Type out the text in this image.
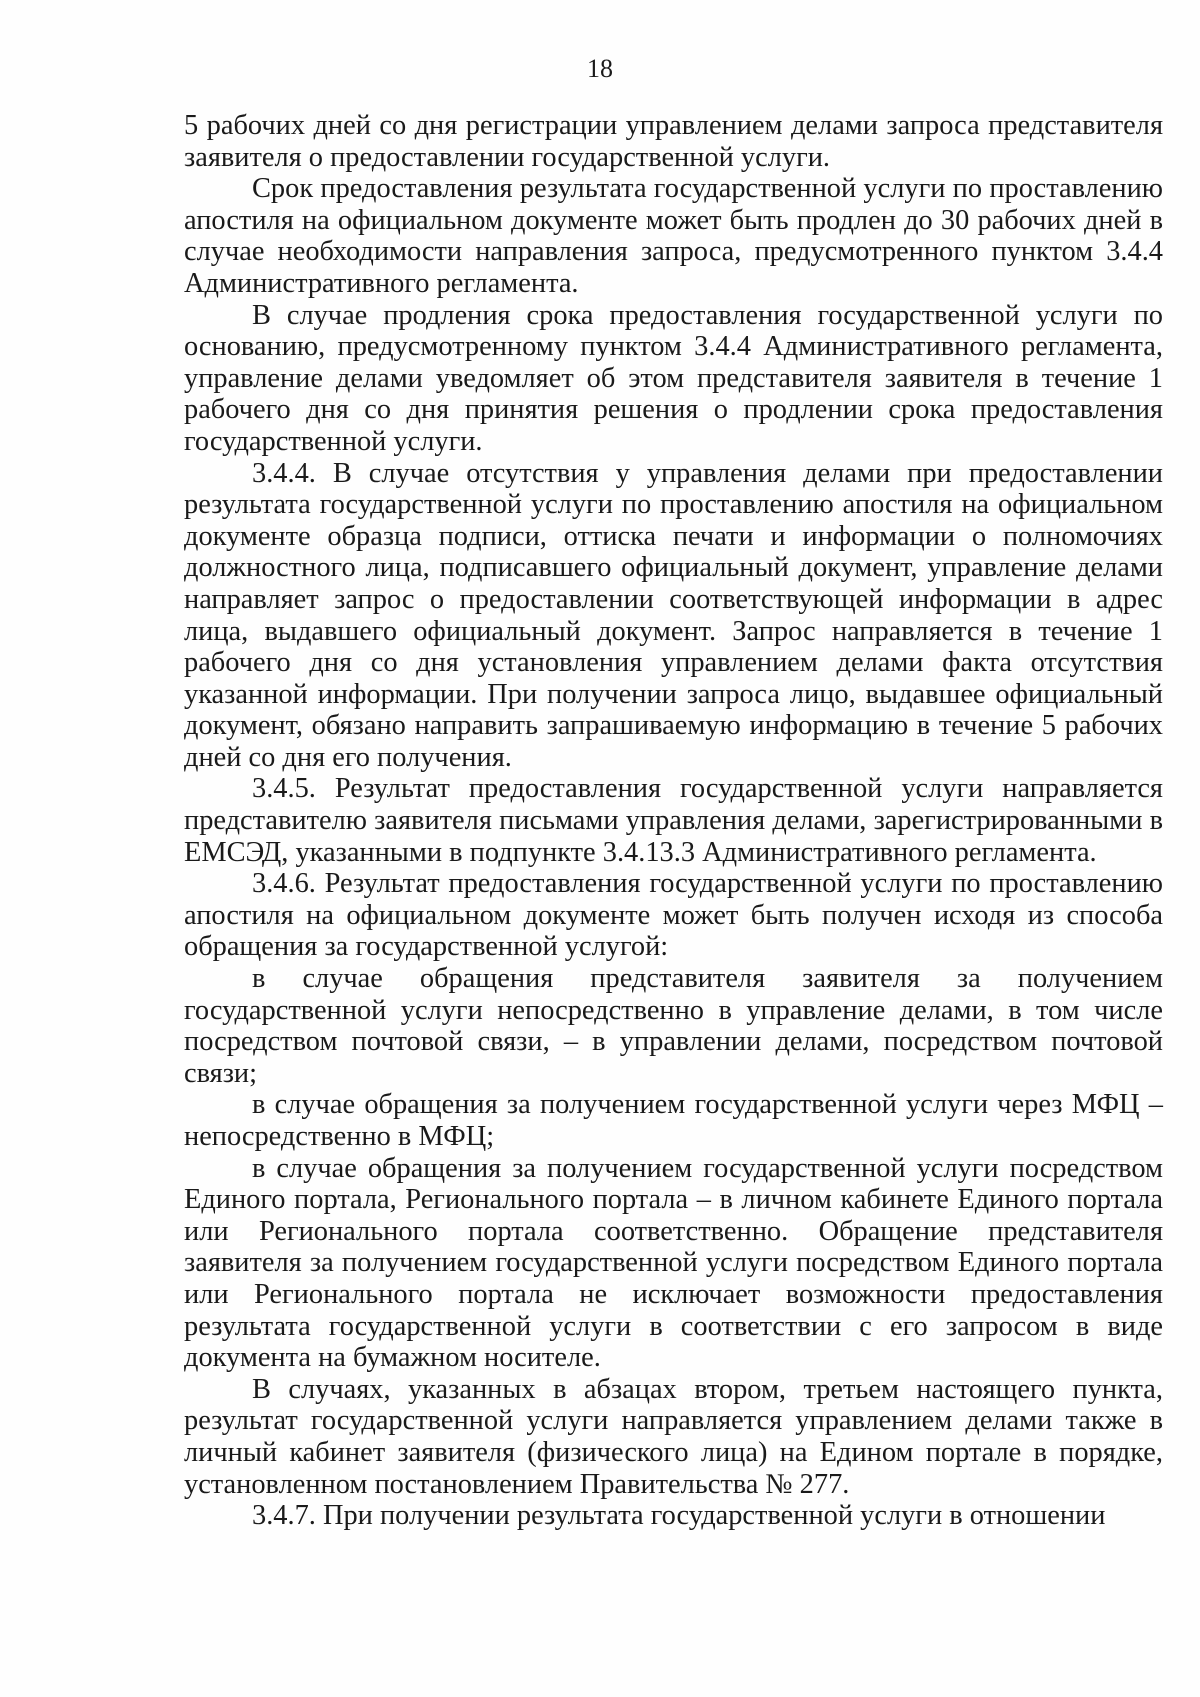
18

5 рабочих дней со дня регистрации управлением делами запроса представителя заявителя о предоставлении государственной услуги.

Срок предоставления результата государственной услуги по проставлению апостиля на официальном документе может быть продлен до 30 рабочих дней в случае необходимости направления запроса, предусмотренного пунктом 3.4.4 Административного регламента.

В случае продления срока предоставления государственной услуги по основанию, предусмотренному пунктом 3.4.4 Административного регламента, управление делами уведомляет об этом представителя заявителя в течение 1 рабочего дня со дня принятия решения о продлении срока предоставления государственной услуги.

3.4.4. В случае отсутствия у управления делами при предоставлении результата государственной услуги по проставлению апостиля на официальном документе образца подписи, оттиска печати и информации о полномочиях должностного лица, подписавшего официальный документ, управление делами направляет запрос о предоставлении соответствующей информации в адрес лица, выдавшего официальный документ. Запрос направляется в течение 1 рабочего дня со дня установления управлением делами факта отсутствия указанной информации. При получении запроса лицо, выдавшее официальный документ, обязано направить запрашиваемую информацию в течение 5 рабочих дней со дня его получения.

3.4.5. Результат предоставления государственной услуги направляется представителю заявителя письмами управления делами, зарегистрированными в ЕМСЭД, указанными в подпункте 3.4.13.3 Административного регламента.

3.4.6. Результат предоставления государственной услуги по проставлению апостиля на официальном документе может быть получен исходя из способа обращения за государственной услугой:

в случае обращения представителя заявителя за получением государственной услуги непосредственно в управление делами, в том числе посредством почтовой связи, – в управлении делами, посредством почтовой связи;

в случае обращения за получением государственной услуги через МФЦ – непосредственно в МФЦ;

в случае обращения за получением государственной услуги посредством Единого портала, Регионального портала – в личном кабинете Единого портала или Регионального портала соответственно. Обращение представителя заявителя за получением государственной услуги посредством Единого портала или Регионального портала не исключает возможности предоставления результата государственной услуги в соответствии с его запросом в виде документа на бумажном носителе.

В случаях, указанных в абзацах втором, третьем настоящего пункта, результат государственной услуги направляется управлением делами также в личный кабинет заявителя (физического лица) на Едином портале в порядке, установленном постановлением Правительства № 277.

3.4.7. При получении результата государственной услуги в отношении
